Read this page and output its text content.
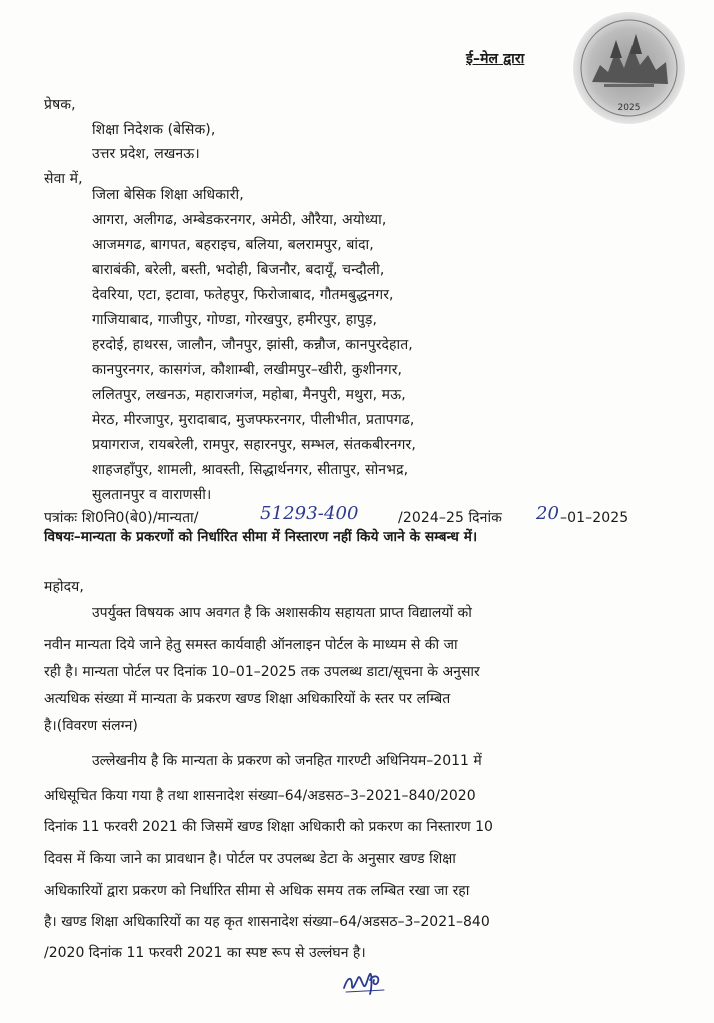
2025
ई–मेल द्वारा
प्रेषक,
शिक्षा निदेशक (बेसिक),
उत्तर प्रदेश, लखनऊ।
सेवा में,
जिला बेसिक शिक्षा अधिकारी,
आगरा, अलीगढ, अम्बेडकरनगर, अमेठी, औरैया, अयोध्या,
आजमगढ, बागपत, बहराइच, बलिया, बलरामपुर, बांदा,
बाराबंकी, बरेली, बस्ती, भदोही, बिजनौर, बदायूँ, चन्दौली,
देवरिया, एटा, इटावा, फतेहपुर, फिरोजाबाद, गौतमबुद्धनगर,
गाजियाबाद, गाजीपुर, गोण्डा, गोरखपुर, हमीरपुर, हापुड़,
हरदोई, हाथरस, जालौन, जौनपुर, झांसी, कन्नौज, कानपुरदेहात,
कानपुरनगर, कासगंज, कौशाम्बी, लखीमपुर–खीरी, कुशीनगर,
ललितपुर, लखनऊ, महाराजगंज, महोबा, मैनपुरी, मथुरा, मऊ,
मेरठ, मीरजापुर, मुरादाबाद, मुजफ्फरनगर, पीलीभीत, प्रतापगढ,
प्रयागराज, रायबरेली, रामपुर, सहारनपुर, सम्भल, संतकबीरनगर,
शाहजहाँपुर, शामली, श्रावस्ती, सिद्धार्थनगर, सीतापुर, सोनभद्र,
सुलतानपुर व वाराणसी।
पत्रांकः शि0नि0(बे0)/मान्यता/	51293-400	/2024–25 दिनांक 20 –01–2025
विषयः–मान्यता के प्रकरणों को निर्धारित सीमा में निस्तारण नहीं किये जाने के सम्बन्ध में।
महोदय,
उपर्युक्त विषयक आप अवगत है कि अशासकीय सहायता प्राप्त विद्यालयों को
नवीन मान्यता दिये जाने हेतु समस्त कार्यवाही ऑनलाइन पोर्टल के माध्यम से की जा
रही है। मान्यता पोर्टल पर दिनांक 10–01–2025 तक उपलब्ध डाटा/सूचना के अनुसार
अत्यधिक संख्या में मान्यता के प्रकरण खण्ड शिक्षा अधिकारियों के स्तर पर लम्बित
है।(विवरण संलग्न)
उल्लेखनीय है कि मान्यता के प्रकरण को जनहित गारण्टी अधिनियम–2011 में
अधिसूचित किया गया है तथा शासनादेश संख्या–64/अडसठ–3–2021–840/2020
दिनांक 11 फरवरी 2021 की जिसमें खण्ड शिक्षा अधिकारी को प्रकरण का निस्तारण 10
दिवस में किया जाने का प्रावधान है। पोर्टल पर उपलब्ध डेटा के अनुसार खण्ड शिक्षा
अधिकारियों द्वारा प्रकरण को निर्धारित सीमा से अधिक समय तक लम्बित रखा जा रहा
है। खण्ड शिक्षा अधिकारियों का यह कृत शासनादेश संख्या–64/अडसठ–3–2021–840
/2020 दिनांक 11 फरवरी 2021 का स्पष्ट रूप से उल्लंघन है।
